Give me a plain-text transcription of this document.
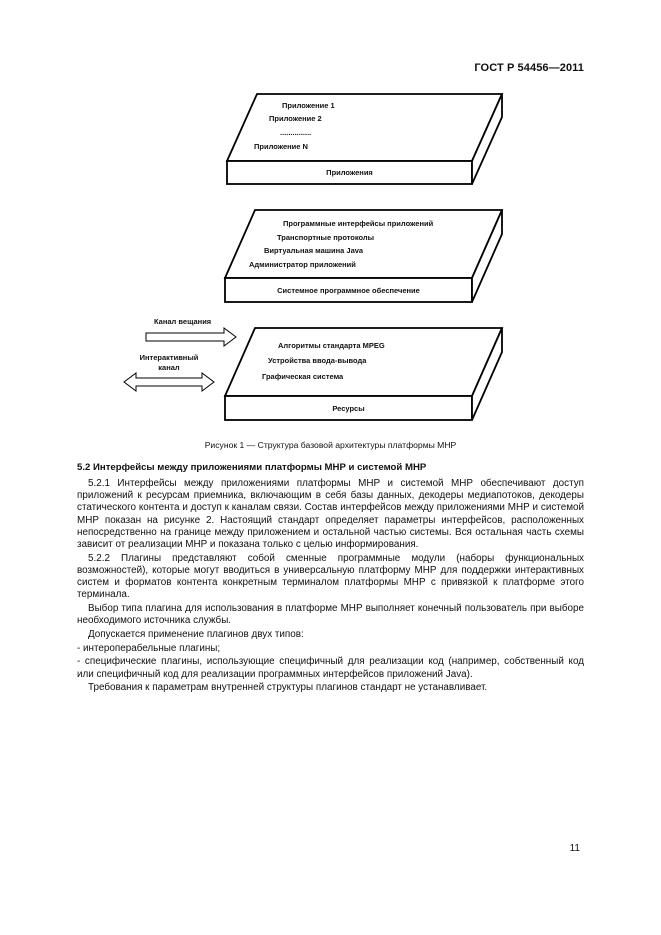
ГОСТ Р 54456—2011
Приложение 1
Приложение 2
...............
Приложение N
Приложения
Программные интерфейсы приложений
Транспортные протоколы
Виртуальная машина Java
Администратор приложений
Системное программное обеспечение
Алгоритмы стандарта MPEG
Устройства ввода-вывода
Графическая система
Ресурсы
Канал вещания
Интерактивный
канал
Рисунок 1 — Структура базовой архитектуры платформы МНР
5.2 Интерфейсы между приложениями платформы МНР и системой МНР

5.2.1 Интерфейсы между приложениями платформы МНР и системой МНР обеспечивают доступ приложений к ресурсам приемника, включающим в себя базы данных, декодеры медиапотоков, декодеры статического контента и доступ к каналам связи. Состав интерфейсов между приложениями МНР и системой МНР показан на рисунке 2. Настоящий стандарт определяет параметры интерфейсов, расположенных непосредственно на границе между приложением и остальной частью системы. Вся остальная часть схемы зависит от реализации МНР и показана только с целью информирования.

5.2.2 Плагины представляют собой сменные программные модули (наборы функциональных возможностей), которые могут вводиться в универсальную платформу МНР для поддержки интерактивных систем и форматов контента конкретным терминалом платформы МНР с привязкой к платформе этого терминала.

Выбор типа плагина для использования в платформе МНР выполняет конечный пользователь при выборе необходимого источника службы.

Допускается применение плагинов двух типов:

- интероперабельные плагины;

- специфические плагины, использующие специфичный для реализации код (например, собственный код или специфичный код для реализации программных интерфейсов приложений Java).

Требования к параметрам внутренней структуры плагинов стандарт не устанавливает.

11
